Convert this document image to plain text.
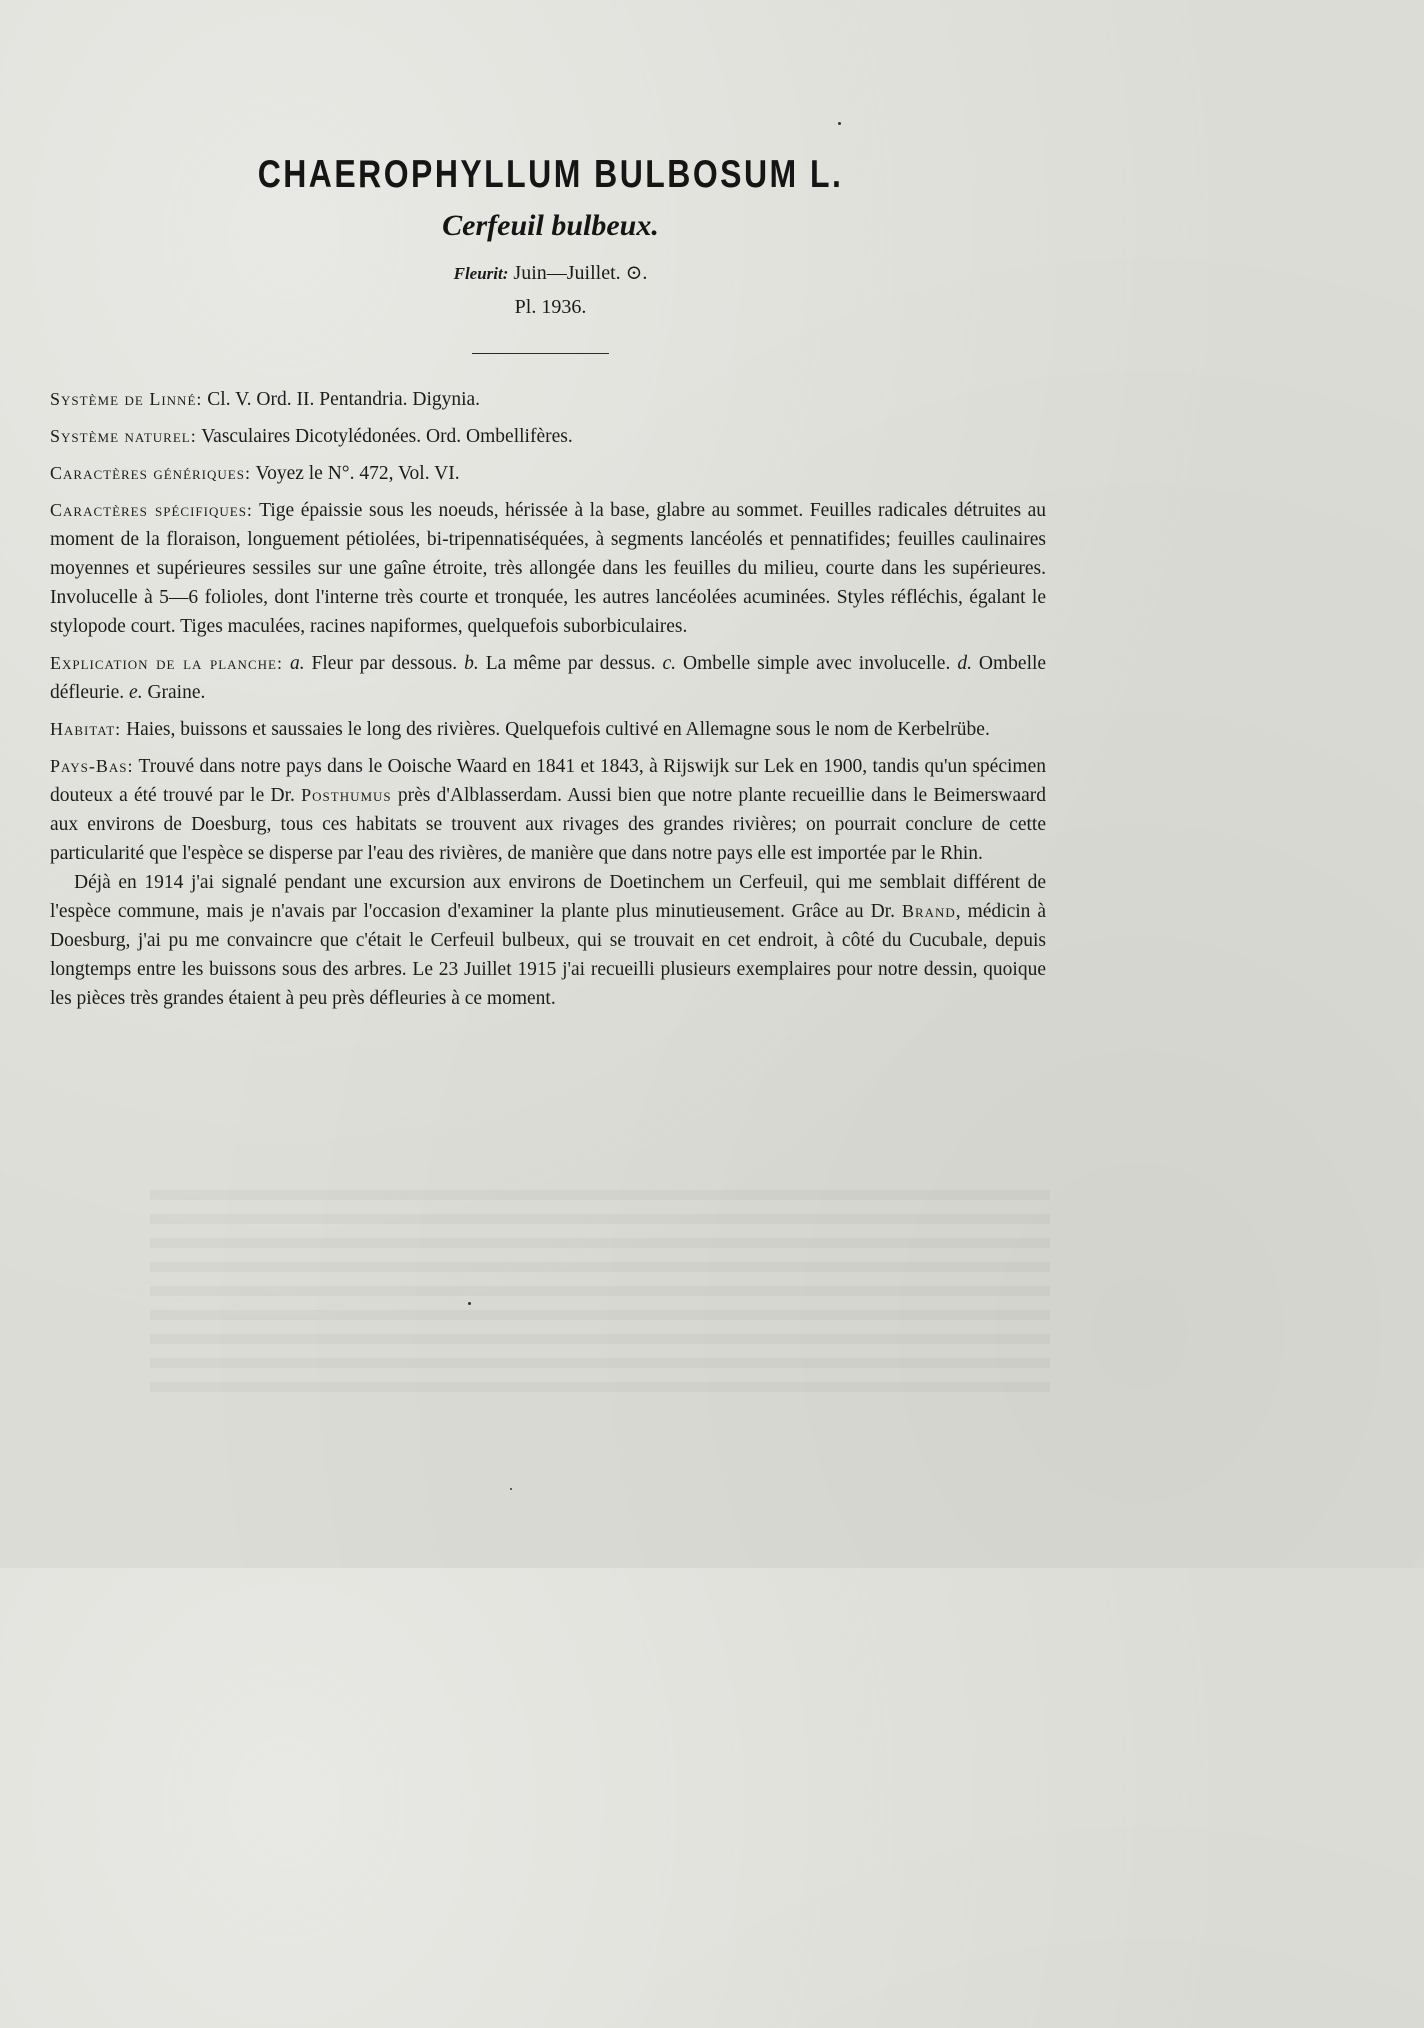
CHAEROPHYLLUM BULBOSUM L.
Cerfeuil bulbeux.
Fleurit: Juin—Juillet. ⊙.
Pl. 1936.

Système de Linné: Cl. V. Ord. II. Pentandria. Digynia.

Système naturel: Vasculaires Dicotylédonées. Ord. Ombellifères.

Caractères génériques: Voyez le N°. 472, Vol. VI.

Caractères spécifiques: Tige épaissie sous les noeuds, hérissée à la base, glabre au sommet. Feuilles radicales détruites au moment de la floraison, longuement pétiolées, bi-tripennatiséquées, à segments lancéolés et pennatifides; feuilles caulinaires moyennes et supérieures sessiles sur une gaîne étroite, très allongée dans les feuilles du milieu, courte dans les supérieures. Involucelle à 5—6 folioles, dont l'interne très courte et tronquée, les autres lancéolées acuminées. Styles réfléchis, égalant le stylopode court. Tiges maculées, racines napiformes, quelquefois suborbiculaires.

Explication de la planche: a. Fleur par dessous. b. La même par dessus. c. Ombelle simple avec involucelle. d. Ombelle défleurie. e. Graine.

Habitat: Haies, buissons et saussaies le long des rivières. Quelquefois cultivé en Allemagne sous le nom de Kerbelrübe.

Pays-Bas: Trouvé dans notre pays dans le Ooische Waard en 1841 et 1843, à Rijswijk sur Lek en 1900, tandis qu'un spécimen douteux a été trouvé par le Dr. Posthumus près d'Alblasserdam. Aussi bien que notre plante recueillie dans le Beimerswaard aux environs de Doesburg, tous ces habitats se trouvent aux rivages des grandes rivières; on pourrait conclure de cette particularité que l'espèce se disperse par l'eau des rivières, de manière que dans notre pays elle est importée par le Rhin.

Déjà en 1914 j'ai signalé pendant une excursion aux environs de Doetinchem un Cerfeuil, qui me semblait différent de l'espèce commune, mais je n'avais par l'occasion d'examiner la plante plus minutieusement. Grâce au Dr. Brand, médicin à Doesburg, j'ai pu me convaincre que c'était le Cerfeuil bulbeux, qui se trouvait en cet endroit, à côté du Cucubale, depuis longtemps entre les buissons sous des arbres. Le 23 Juillet 1915 j'ai recueilli plusieurs exemplaires pour notre dessin, quoique les pièces très grandes étaient à peu près défleuries à ce moment.
